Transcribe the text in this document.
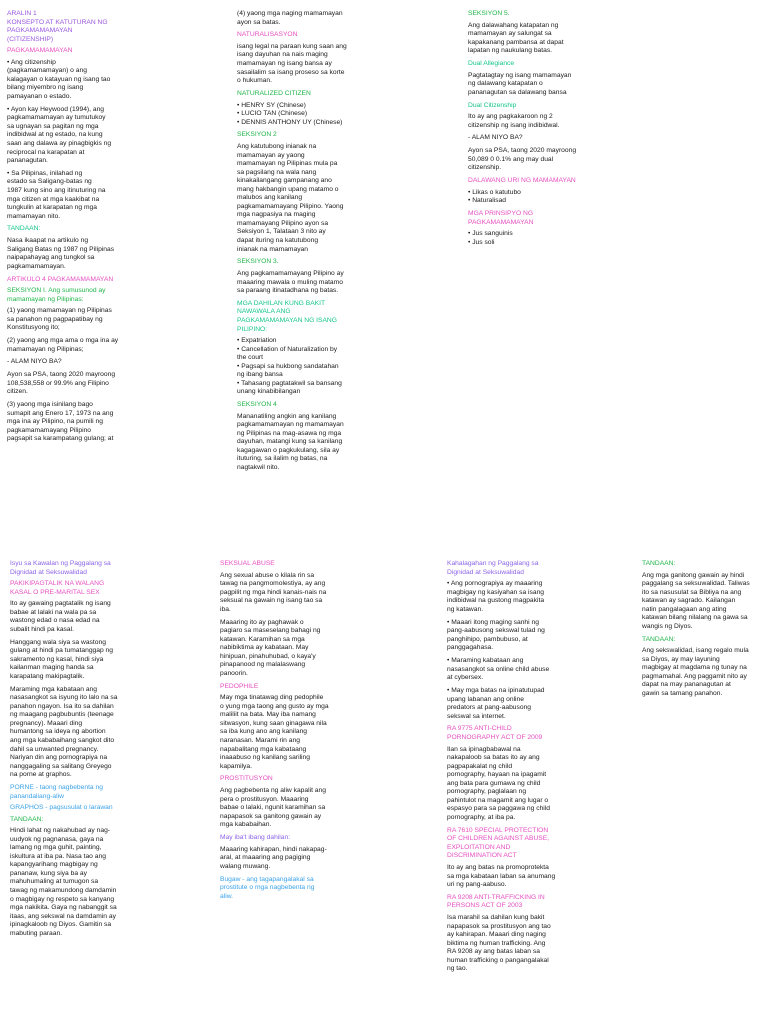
ARALIN 1
KONSEPTO AT KATUTURAN NG
PAGKAMAMAMAYAN
(CITIZENSHIP)
PAGKAMAMAMAYAN
• Ang citizenship
(pagkamamamayan) o ang
kalagayan o katayuan ng isang tao
bilang miyembro ng isang
pamayanan o estado.
• Ayon kay Heywood (1994), ang
pagkamamamayan ay tumutukoy
sa ugnayan sa pagitan ng mga
indibidwal at ng estado, na kung
saan ang dalawa ay pinagbigkis ng
reciprocal na karapatan at
pananagutan.
• Sa Pilipinas, inilahad ng
estado sa Saligang-batas ng
1987 kung sino ang itinuturing na
mga citizen at mga kaakibat na
tungkulin at karapatan ng mga
mamamayan nito.
TANDAAN:
Nasa ikaapat na artikulo ng
Saligang Batas ng 1987 ng Pilipinas
naipapahayag ang tungkol sa
pagkamamamayan.
ARTIKULO 4 PAGKAMAMAMAYAN
SEKSIYON I. Ang sumusunod ay
mamamayan ng Pilipinas:
(1) yaong mamamayan ng Pilipinas
sa panahon ng pagpapatibay ng
Konstitusyong ito;
(2) yaong ang mga ama o mga ina ay
mamamayan ng Pilipinas;
- ALAM NIYO BA?
Ayon sa PSA, taong 2020 mayroong
108,538,558 or 99.9% ang Filipino
citizen.
(3) yaong mga isinilang bago
sumapit ang Enero 17, 1973 na ang
mga ina ay Pilipino, na pumili ng
pagkamamamayang Pilipino
pagsapit sa karampatang gulang; at
(4) yaong mga naging mamamayan
ayon sa batas.
NATURALISASYON
isang legal na paraan kung saan ang
isang dayuhan na nais maging
mamamayan ng isang bansa ay
sasailalim sa isang proseso sa korte
o hukuman.
NATURALIZED CITIZEN
• HENRY SY (Chinese)
• LUCIO TAN (Chinese)
• DENNIS ANTHONY UY (Chinese)
SEKSIYON 2
Ang katutubong inianak na
mamamayan ay yaong
mamamayan ng Pilipinas mula pa
sa pagsilang na wala nang
kinakailangang gampanang ano
mang hakbangin upang matamo o
malubos ang kanilang
pagkamamamayang Pilipino. Yaong
mga nagpasiya na maging
mamamayang Pilipino ayon sa
Seksiyon 1, Talataan 3 nito ay
dapat ituring na katutubong
inianak na mamamayan
SEKSIYON 3.
Ang pagkamamamayang Pilipino ay
maaaring mawala o muling matamo
sa paraang itinatadhana ng batas.
MGA DAHILAN KUNG BAKIT
NAWAWALA ANG
PAGKAMAMAMAYAN NG ISANG
PILIPINO:
• Expatriation
• Cancellation of Naturalization by
the court
• Pagsapi sa hukbong sandatahan
ng ibang bansa
• Tahasang pagtatakwil sa bansang
unang kinabibilangan
SEKSIYON 4
Mananatiling angkin ang kanilang
pagkamamamayan ng mamamayan
ng Pilipinas na mag-asawa ng mga
dayuhan, matangi kung sa kanilang
kagagawan o pagkukulang, sila ay
ituturing, sa ilalim ng batas, na
nagtakwil nito.
SEKSIYON 5.
Ang dalawahang katapatan ng
mamamayan ay salungat sa
kapakanang pambansa at dapat
lapatan ng naukulang batas.
Dual Allegiance
Pagtatagtay ng isang mamamayan
ng dalawang katapatan o
pananagutan sa dalawang bansa
Dual Citizenship
Ito ay ang pagkakaroon ng 2
citizenship ng isang indibidwal.
- ALAM NIYO BA?
Ayon sa PSA, taong 2020 mayroong
50,089 0 0.1% ang may dual
citizenship.
DALAWANG URI NG MAMAMAYAN
• Likas o katutubo
• Naturalisad
MGA PRINSIPYO NG
PAGKAMAMAMAYAN
• Jus sanguinis
• Jus soli
Isyu sa Kawalan ng Paggalang sa
Dignidad at Seksuwalidad
PAKIKIPAGTALIK NA WALANG
KASAL O PRE-MARITAL SEX
Ito ay gawaing pagtatalik ng isang
babae at lalaki na wala pa sa
wastong edad o nasa edad na
subalit hindi pa kasal.
Hanggang wala siya sa wastong
gulang at hindi pa tumatanggap ng
sakramento ng kasal, hindi siya
kailanman maging handa sa
karapatang makipagtalik.
Maraming mga kabataan ang
nasasangkot sa isyung ito lalo na sa
panahon ngayon. Isa ito sa dahilan
ng maagang pagbubuntis (teenage
pregnancy). Maaari ding
humantong sa ideya ng abortion
ang mga kababaihang sangkot dito
dahil sa unwanted pregnancy.
Nariyan din ang pornograpiya na
nanggagaling sa salitang Greyego
na porne at graphos.
PORNE - taong nagbebenta ng
panandaliang-aliw
GRAPHOS - pagsusulat o larawan
TANDAAN:
Hindi lahat ng nakahubad ay nag-
uudyok ng pagnanasa, gaya na
lamang ng mga guhit, painting,
iskultura at iba pa. Nasa tao ang
kapangyarihang magbigay ng
pananaw, kung siya ba ay
mahuhumaling at tumugon sa
tawag ng makamundong damdamin
o magbigay ng respeto sa kanyang
mga nakikita. Gaya ng nabanggit sa
itaas, ang sekswal na damdamin ay
ipinagkaloob ng Diyos. Gamitin sa
mabuting paraan.
SEKSUAL ABUSE
Ang sexual abuse o kilala rin sa
tawag na pangmomolestiya, ay ang
pagpilit ng mga hindi kanais-nais na
seksual na gawain ng isang tao sa
iba.
Maaaring ito ay paghawak o
pagiaro sa maseselang bahagi ng
katawan. Karamihan sa mga
nabibiktima ay kabataan. May
hinipuan, pinahuhubad, o kaya'y
pinapanood ng malalaswang
panoorin.
PEDOPHILE
May mga tinatawag ding pedophile
o yung mga taong ang gusto ay mga
maliliit na bata. May iba namang
sitwasyon, kung saan ginagawa nila
sa iba kung ano ang kanilang
naranasan. Marami rin ang
napabalitang mga kabataang
inaaabuso ng kanilang sariling
kapamilya.
PROSTITUSYON
Ang pagbebenta ng aliw kapalit ang
pera o prostitusyon. Maaaring
babae o lalaki, ngunit karamihan sa
napapasok sa ganitong gawain ay
mga kababaihan.
May iba't ibang dahilan:
Maaaring kahirapan, hindi nakapag-
aral, at maaaring ang pagiging
walang muwang.
Bugaw - ang tagapangalakal sa
prostitute o mga nagbebenta ng
aliw.
Kahalagahan ng Paggalang sa
Dignidad at Seksuwalidad
• Ang pornograpiya ay maaaring
magbigay ng kasiyahan sa isang
indibidwal na gustong magpakita
ng katawan.
• Maaari itong maging sanhi ng
pang-aabusong sekswal tulad ng
panghihipo, pambubuso, at
panggagahasa.
• Maraming kabataan ang
nasasangkot sa online child abuse
at cybersex.
• May mga batas na ipinatutupad
upang labanan ang online
predators at pang-aabusong
sekswal sa internet.
RA 9775 ANTI-CHILD
PORNOGRAPHY ACT OF 2009
Ilan sa ipinagbabawal na
nakapaloob sa batas ito ay ang
pagpapakalat ng child
pornography, hayaan na ipagamit
ang bata para gumawa ng child
pornography, paglalaan ng
pahintulot na magamit ang lugar o
espasyo para sa paggawa ng child
pornography, at iba pa.
RA 7610 SPECIAL PROTECTION
OF CHILDREN AGAINST ABUSE,
EXPLOITATION AND
DISCRIMINATION ACT
Ito ay ang batas na promoprotekta
sa mga kabataan laban sa anumang
uri ng pang-aabuso.
RA 9208 ANTI-TRAFFICKING IN
PERSONS ACT OF 2003
Isa marahil sa dahilan kung bakit
napapasok sa prostitusyon ang tao
ay kahirapan. Maaari ding naging
biktima ng human trafficking. Ang
RA 9208 ay ang batas laban sa
human trafficking o pangangalakal
ng tao.
TANDAAN:
Ang mga ganitong gawain ay hindi
paggalang sa seksuwalidad. Taliwas
ito sa nasusulat sa Bibliya na ang
katawan ay sagrado. Kailangan
natin pangalagaan ang ating
katawan bilang nilalang na gawa sa
wangis ng Diyos.
TANDAAN:
Ang sekswalidad, isang regalo mula
sa Diyos, ay may layuning
magbigay at magdama ng tunay na
pagmamahal. Ang paggamit nito ay
dapat na may pananagutan at
gawin sa tamang panahon.
